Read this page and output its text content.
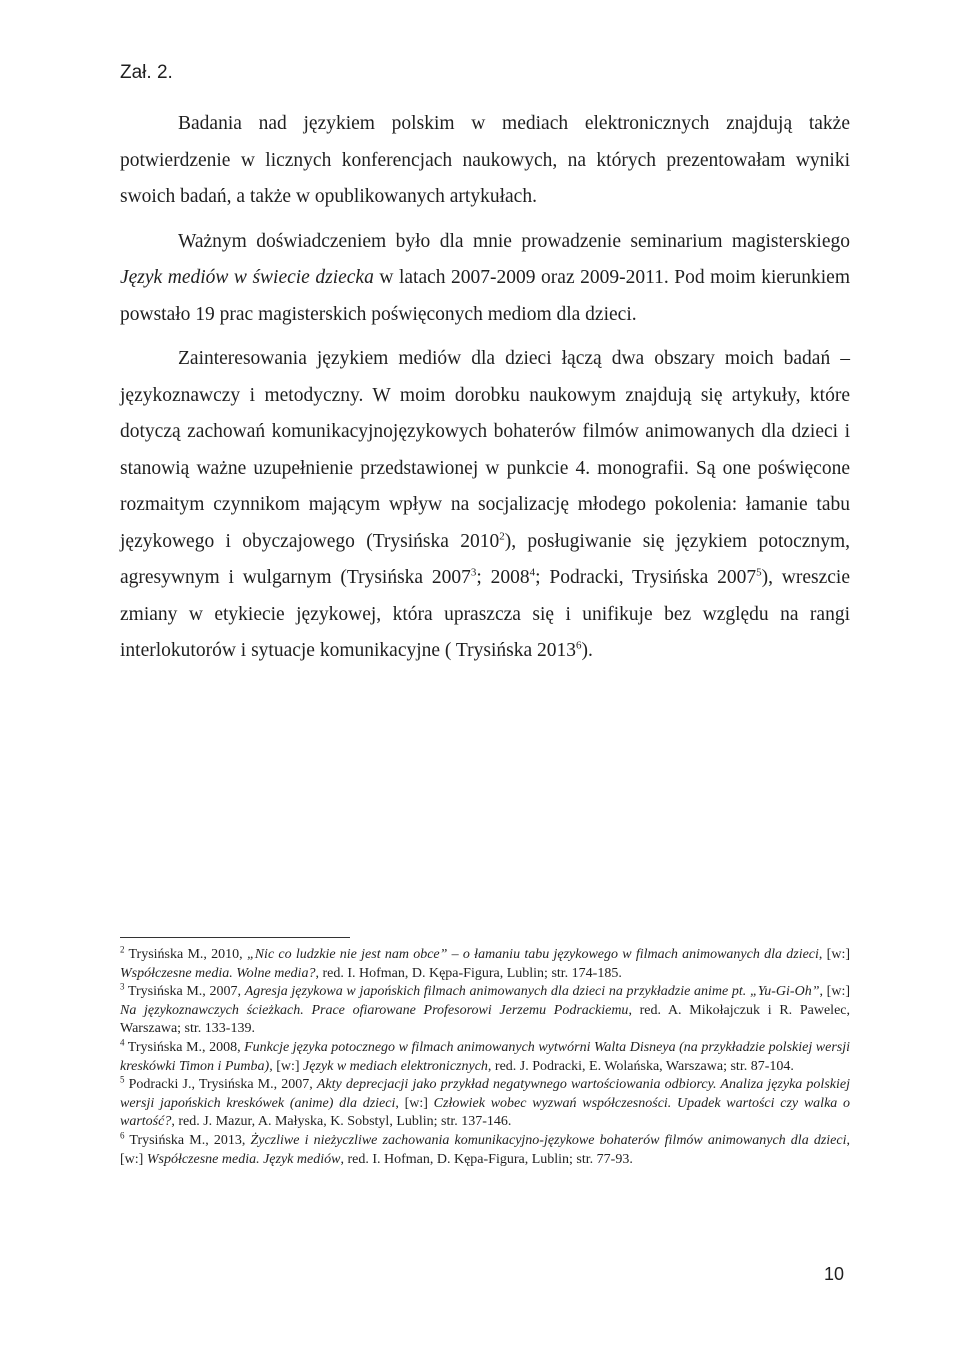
Zał. 2.

Badania nad językiem polskim w mediach elektronicznych znajdują także potwierdzenie w licznych konferencjach naukowych, na których prezentowałam wyniki swoich badań, a także w opublikowanych artykułach.

Ważnym doświadczeniem było dla mnie prowadzenie seminarium magisterskiego Język mediów w świecie dziecka w latach 2007-2009 oraz 2009-2011. Pod moim kierunkiem powstało 19 prac magisterskich poświęconych mediom dla dzieci.

Zainteresowania językiem mediów dla dzieci łączą dwa obszary moich badań – językoznawczy i metodyczny. W moim dorobku naukowym znajdują się artykuły, które dotyczą zachowań komunikacyjnojęzykowych bohaterów filmów animowanych dla dzieci i stanowią ważne uzupełnienie przedstawionej w punkcie 4. monografii. Są one poświęcone rozmaitym czynnikom mającym wpływ na socjalizację młodego pokolenia: łamanie tabu językowego i obyczajowego (Trysińska 2010$^2$), posługiwanie się językiem potocznym, agresywnym i wulgarnym (Trysińska 2007$^3$; 2008$^4$; Podracki, Trysińska 2007$^5$), wreszcie zmiany w etykiecie językowej, która upraszcza się i unifikuje bez względu na rangi interlokutorów i sytuacje komunikacyjne ( Trysińska 2013$^6$).

$^2$ Trysińska M., 2010, „Nic co ludzkie nie jest nam obce” – o łamaniu tabu językowego w filmach animowanych dla dzieci, [w:] Współczesne media. Wolne media?, red. I. Hofman, D. Kępa-Figura, Lublin; str. 174-185.

$^3$ Trysińska M., 2007, Agresja językowa w japońskich filmach animowanych dla dzieci na przykładzie anime pt. „Yu-Gi-Oh”, [w:] Na językoznawczych ścieżkach. Prace ofiarowane Profesorowi Jerzemu Podrackiemu, red. A. Mikołajczuk i R. Pawelec, Warszawa; str. 133-139.

$^4$ Trysińska M., 2008, Funkcje języka potocznego w filmach animowanych wytwórni Walta Disneya (na przykładzie polskiej wersji kreskówki Timon i Pumba), [w:] Język w mediach elektronicznych, red. J. Podracki, E. Wolańska, Warszawa; str. 87-104.

$^5$ Podracki J., Trysińska M., 2007, Akty deprecjacji jako przykład negatywnego wartościowania odbiorcy. Analiza języka polskiej wersji japońskich kreskówek (anime) dla dzieci, [w:] Człowiek wobec wyzwań współczesności. Upadek wartości czy walka o wartość?, red. J. Mazur, A. Małyska, K. Sobstyl, Lublin; str. 137-146.

$^6$ Trysińska M., 2013, Życzliwe i nieżyczliwe zachowania komunikacyjno-językowe bohaterów filmów animowanych dla dzieci, [w:] Współczesne media. Język mediów, red. I. Hofman, D. Kępa-Figura, Lublin; str. 77-93.

10
